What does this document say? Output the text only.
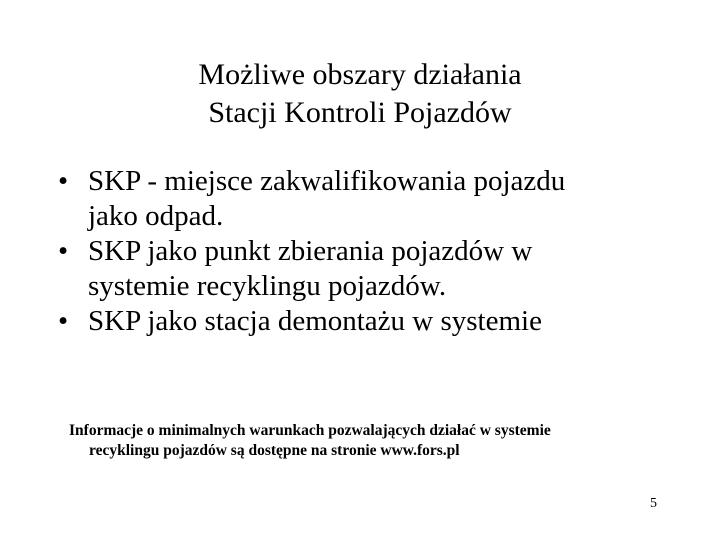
Możliwe obszary działania
Stacji Kontroli Pojazdów
• SKP - miejsce zakwalifikowania pojazdu
jako odpad.
• SKP jako punkt zbierania pojazdów w
systemie recyklingu pojazdów.
• SKP jako stacja demontażu w systemie

Informacje o minimalnych warunkach pozwalających działać w systemie
recyklingu pojazdów są dostępne na stronie www.fors.pl

5
